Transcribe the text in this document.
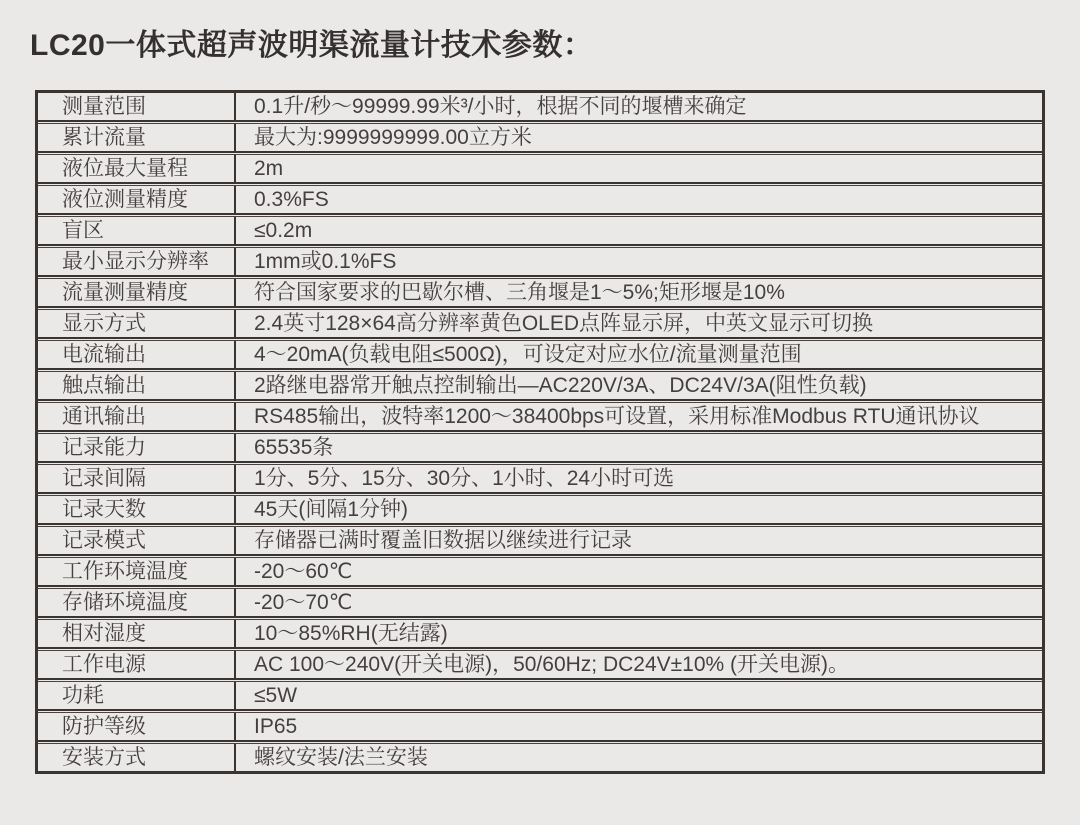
LC20一体式超声波明渠流量计技术参数：
测量范围	0.1升/秒～99999.99米³/小时，根据不同的堰槽来确定
累计流量	最大为:9999999999.00立方米
液位最大量程	2m
液位测量精度	0.3%FS
盲区	≤0.2m
最小显示分辨率	1mm或0.1%FS
流量测量精度	符合国家要求的巴歇尔槽、三角堰是1～5%;矩形堰是10%
显示方式	2.4英寸128×64高分辨率黄色OLED点阵显示屏，中英文显示可切换
电流输出	4～20mA(负载电阻≤500Ω)，可设定对应水位/流量测量范围
触点输出	2路继电器常开触点控制输出—AC220V/3A、DC24V/3A(阻性负载)
通讯输出	RS485输出，波特率1200～38400bps可设置，采用标准Modbus RTU通讯协议
记录能力	65535条
记录间隔	1分、5分、15分、30分、1小时、24小时可选
记录天数	45天(间隔1分钟)
记录模式	存储器已满时覆盖旧数据以继续进行记录
工作环境温度	-20～60℃
存储环境温度	-20～70℃
相对湿度	10～85%RH(无结露)
工作电源	AC 100～240V(开关电源)，50/60Hz; DC24V±10% (开关电源)。
功耗	≤5W
防护等级	IP65
安装方式	螺纹安装/法兰安装
